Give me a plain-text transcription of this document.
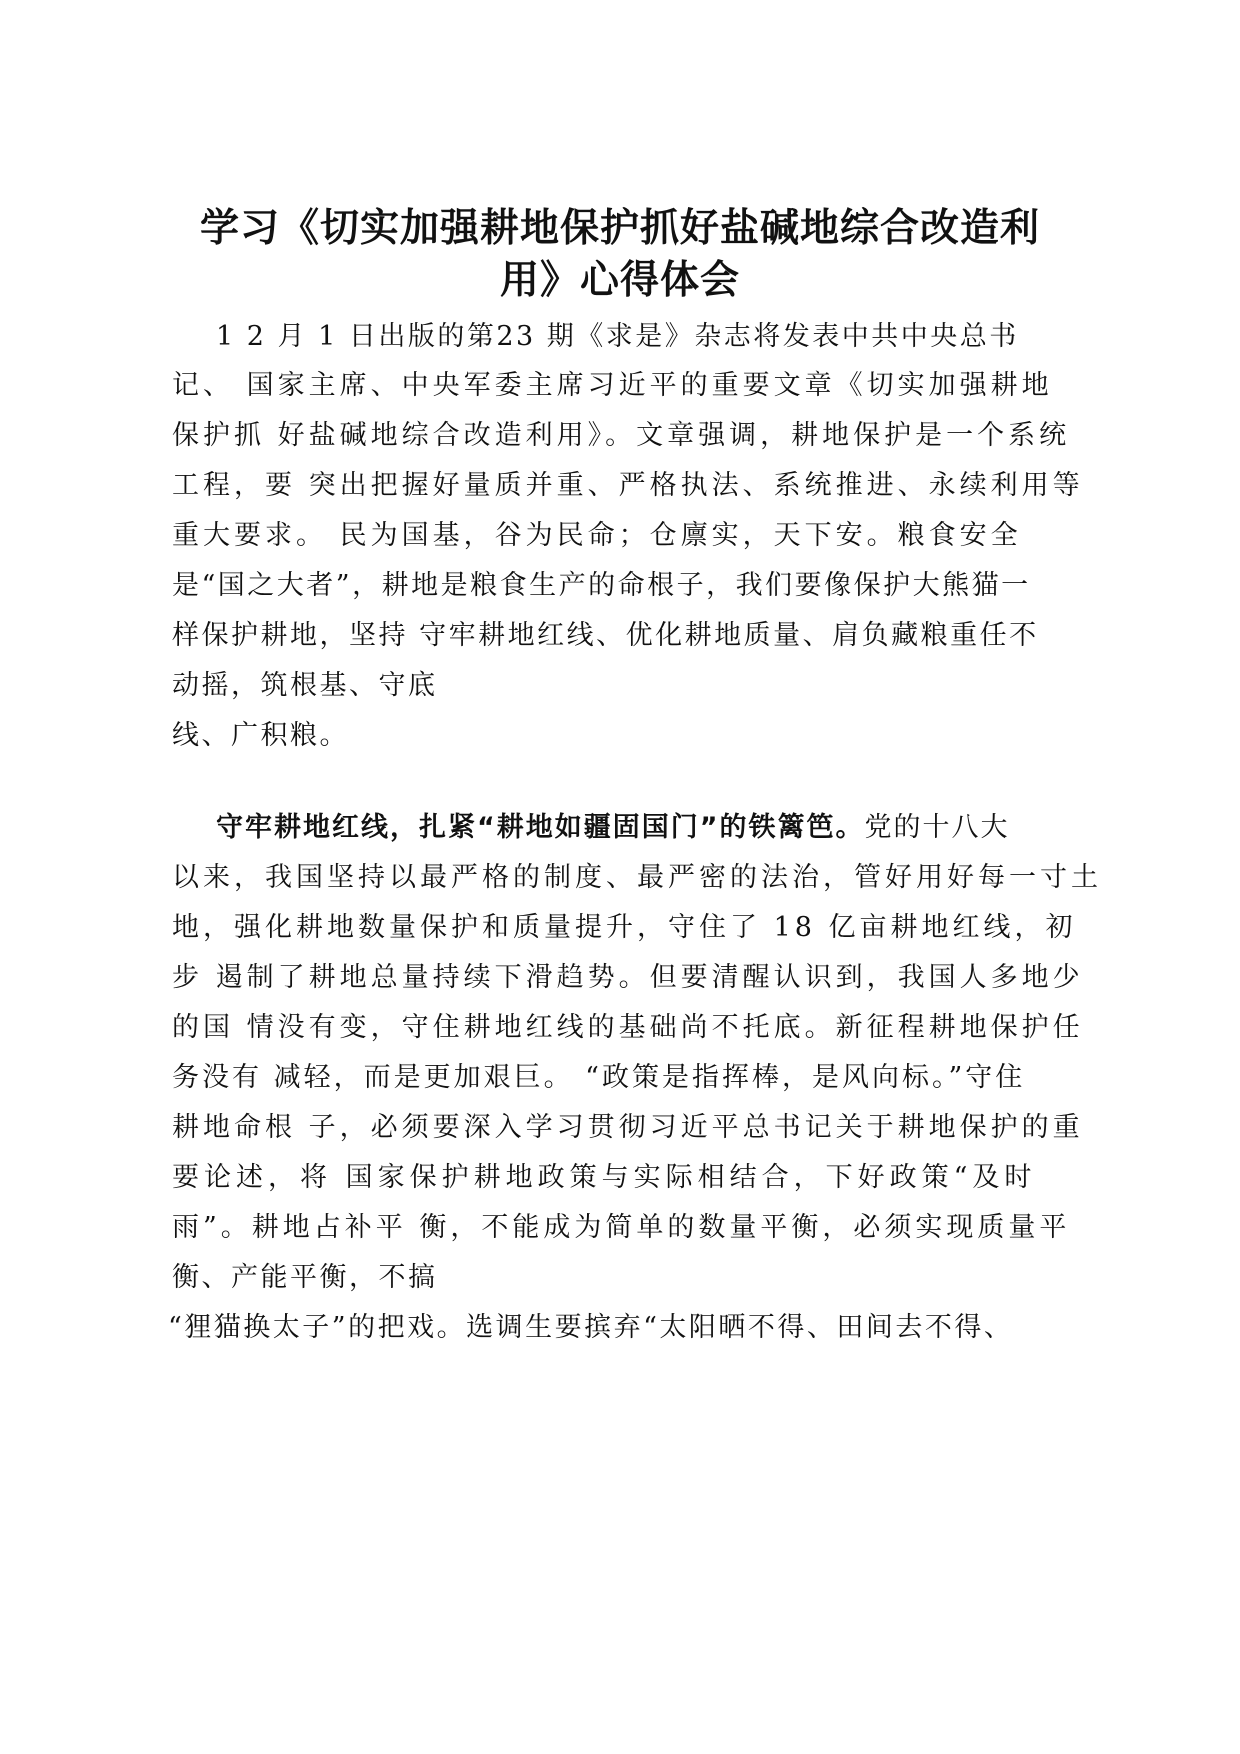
学习《切实加强耕地保护抓好盐碱地综合改造利
用》心得体会
1 2 月 1 日出版的第23 期《求是》杂志将发表中共中央总书
记、 国家主席、中央军委主席习近平的重要文章《切实加强耕地
保护抓 好盐碱地综合改造利用》。文章强调，耕地保护是一个系统
工程，要 突出把握好量质并重、严格执法、系统推进、永续利用等
重大要求。 民为国基，谷为民命；仓廪实，天下安。粮食安全
是“国之大者”，耕地是粮食生产的命根子，我们要像保护大熊猫一
样保护耕地，坚持 守牢耕地红线、优化耕地质量、肩负藏粮重任不
动摇，筑根基、守底
线、广积粮。
守牢耕地红线，扎紧“耕地如疆固国门”的铁篱笆。党的十八大
以来，我国坚持以最严格的制度、最严密的法治，管好用好每一寸土
地，强化耕地数量保护和质量提升，守住了 18 亿亩耕地红线，初
步 遏制了耕地总量持续下滑趋势。但要清醒认识到，我国人多地少
的国 情没有变，守住耕地红线的基础尚不托底。新征程耕地保护任
务没有 减轻，而是更加艰巨。 “政策是指挥棒，是风向标。”守住
耕地命根 子，必须要深入学习贯彻习近平总书记关于耕地保护的重
要论述，将 国家保护耕地政策与实际相结合，下好政策“及时
雨”。耕地占补平 衡，不能成为简单的数量平衡，必须实现质量平
衡、产能平衡，不搞
“狸猫换太子”的把戏。选调生要摈弃“太阳晒不得、田间去不得、
